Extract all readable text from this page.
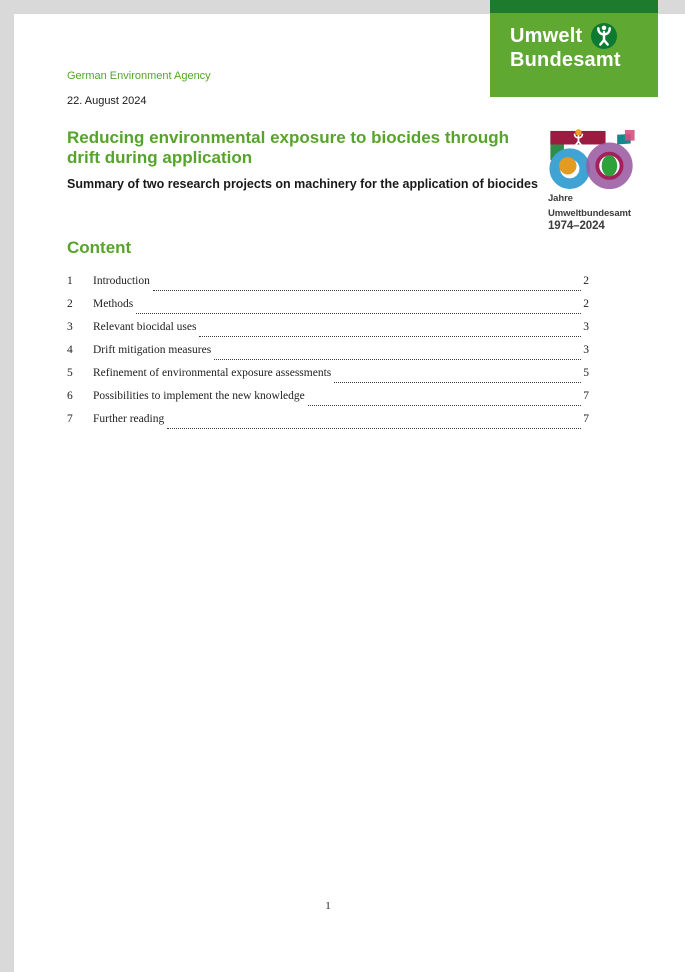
Umwelt
Bundesamt
German Environment Agency
22. August 2024
Reducing environmental exposure to biocides through drift during application
Summary of two research projects on machinery for the application of biocides
Jahre
Umweltbundesamt
1974–2024
Content
1	Introduction	2
2	Methods	2
3	Relevant biocidal uses	3
4	Drift mitigation measures	3
5	Refinement of environmental exposure assessments	5
6	Possibilities to implement the new knowledge	7
7	Further reading	7
1
